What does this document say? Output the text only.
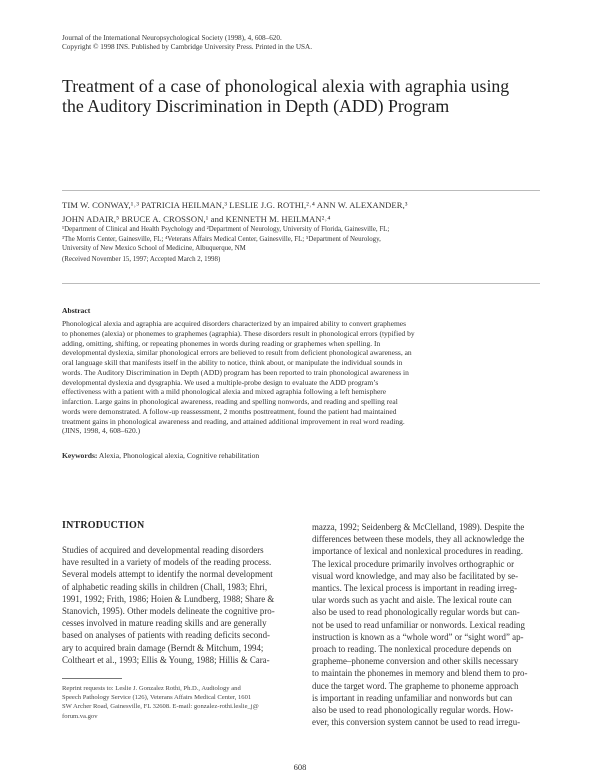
Journal of the International Neuropsychological Society (1998), 4, 608–620.
Copyright © 1998 INS. Published by Cambridge University Press. Printed in the USA.
Treatment of a case of phonological alexia with agraphia using the Auditory Discrimination in Depth (ADD) Program
TIM W. CONWAY,¹˒³ PATRICIA HEILMAN,³ LESLIE J.G. ROTHI,²˒⁴ ANN W. ALEXANDER,³
JOHN ADAIR,⁵ BRUCE A. CROSSON,¹ and KENNETH M. HEILMAN²˒⁴
¹Department of Clinical and Health Psychology and ²Department of Neurology, University of Florida, Gainesville, FL;
³The Morris Center, Gainesville, FL; ⁴Veterans Affairs Medical Center, Gainesville, FL; ⁵Department of Neurology,
University of New Mexico School of Medicine, Albuquerque, NM
(Received November 15, 1997; Accepted March 2, 1998)
Abstract
Phonological alexia and agraphia are acquired disorders characterized by an impaired ability to convert graphemes
to phonemes (alexia) or phonemes to graphemes (agraphia). These disorders result in phonological errors (typified by
adding, omitting, shifting, or repeating phonemes in words during reading or graphemes when spelling. In
developmental dyslexia, similar phonological errors are believed to result from deficient phonological awareness, an
oral language skill that manifests itself in the ability to notice, think about, or manipulate the individual sounds in
words. The Auditory Discrimination in Depth (ADD) program has been reported to train phonological awareness in
developmental dyslexia and dysgraphia. We used a multiple-probe design to evaluate the ADD program’s
effectiveness with a patient with a mild phonological alexia and mixed agraphia following a left hemisphere
infarction. Large gains in phonological awareness, reading and spelling nonwords, and reading and spelling real
words were demonstrated. A follow-up reassessment, 2 months posttreatment, found the patient had maintained
treatment gains in phonological awareness and reading, and attained additional improvement in real word reading.
(JINS, 1998, 4, 608–620.)
Keywords: Alexia, Phonological alexia, Cognitive rehabilitation
INTRODUCTION
Studies of acquired and developmental reading disorders
have resulted in a variety of models of the reading process.
Several models attempt to identify the normal development
of alphabetic reading skills in children (Chall, 1983; Ehri,
1991, 1992; Frith, 1986; Hoien & Lundberg, 1988; Share &
Stanovich, 1995). Other models delineate the cognitive pro-
cesses involved in mature reading skills and are generally
based on analyses of patients with reading deficits second-
ary to acquired brain damage (Berndt & Mitchum, 1994;
Coltheart et al., 1993; Ellis & Young, 1988; Hillis & Cara-
mazza, 1992; Seidenberg & McClelland, 1989). Despite the
differences between these models, they all acknowledge the
importance of lexical and nonlexical procedures in reading.
The lexical procedure primarily involves orthographic or
visual word knowledge, and may also be facilitated by se-
mantics. The lexical process is important in reading irreg-
ular words such as yacht and aisle. The lexical route can
also be used to read phonologically regular words but can-
not be used to read unfamiliar or nonwords. Lexical reading
instruction is known as a “whole word” or “sight word” ap-
proach to reading. The nonlexical procedure depends on
grapheme–phoneme conversion and other skills necessary
to maintain the phonemes in memory and blend them to pro-
duce the target word. The grapheme to phoneme approach
is important in reading unfamiliar and nonwords but can
also be used to read phonologically regular words. How-
ever, this conversion system cannot be used to read irregu-
Reprint requests to: Leslie J. Gonzalez Rothi, Ph.D., Audiology and
Speech Pathology Service (126), Veterans Affairs Medical Center, 1601
SW Archer Road, Gainesville, FL 32608. E-mail: gonzalez-rothi.leslie_j@
forum.va.gov
608
